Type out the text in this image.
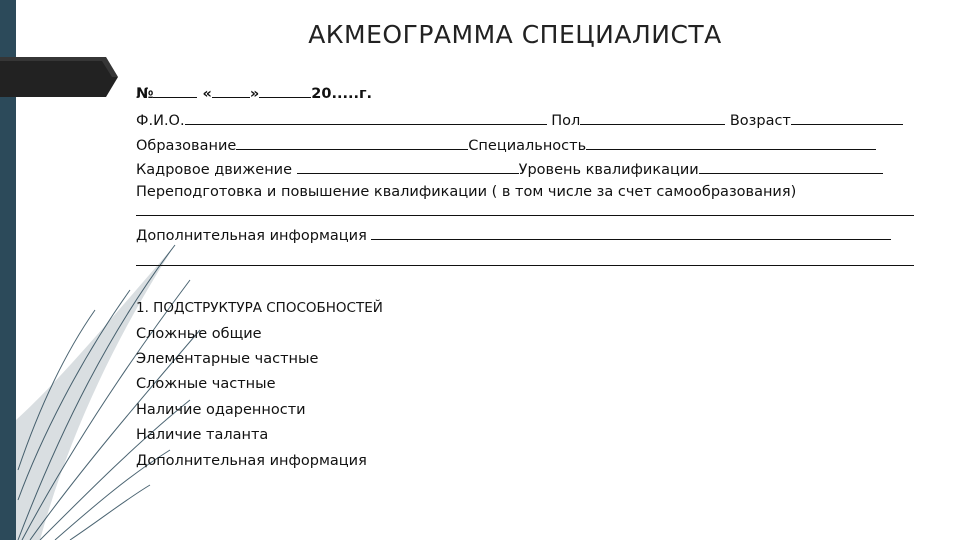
АКМЕОГРАММА СПЕЦИАЛИСТА
№	«	»	20.....г.
Ф.И.О.	Пол	Возраст
Образование	Специальность
Кадровое движение	Уровень квалификации
Переподготовка и повышение квалификации ( в том числе за счет самообразования)
Дополнительная информация
1. ПОДСТРУКТУРА СПОСОБНОСТЕЙ
Сложные общие
Элементарные частные
Сложные частные
Наличие одаренности
Наличие таланта
Дополнительная информация
